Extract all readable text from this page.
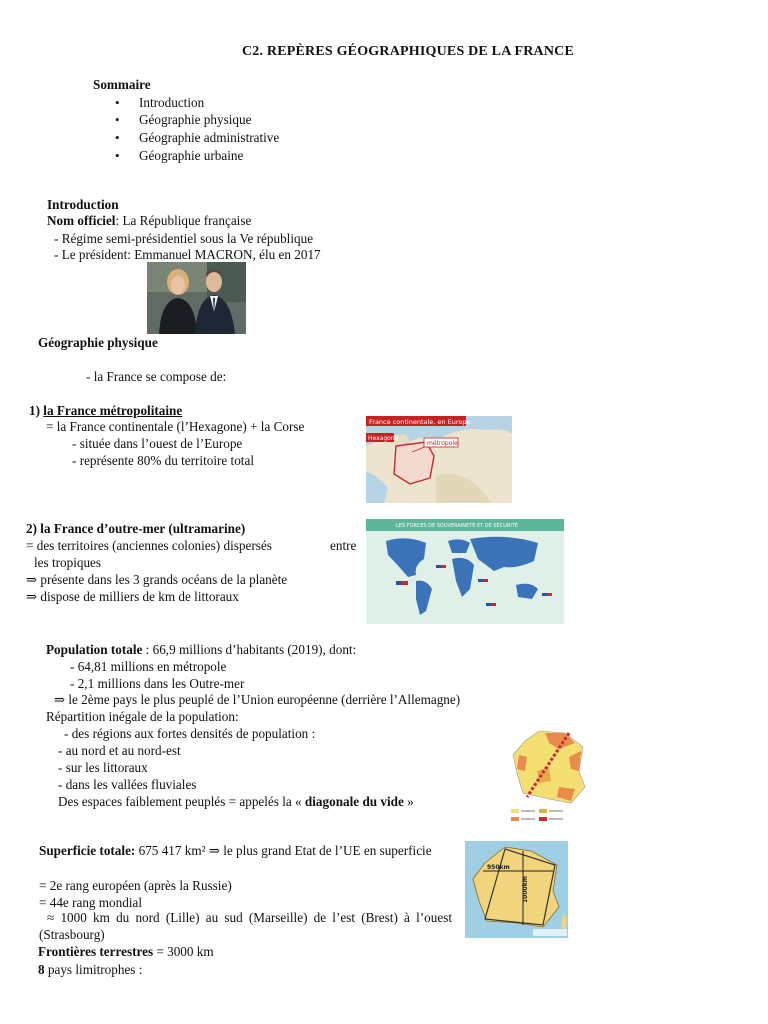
C2. REPÈRES GÉOGRAPHIQUES DE LA FRANCE
Sommaire
• Introduction
• Géographie physique
• Géographie administrative
• Géographie urbaine
Introduction
Nom officiel: La République française
- Régime semi-présidentiel sous la Ve république
- Le président: Emmanuel MACRON, élu en 2017
Géographie physique
- la France se compose de:
1) la France métropolitaine
= la France continentale (l’Hexagone) + la Corse
- située dans l’ouest de l’Europe
- représente 80% du territoire total
France continentale, en Europe
Hexagone
métropole
2) la France d’outre-mer (ultramarine)
= des territoires (anciennes colonies) dispersés	entre
les tropiques
⇒ présente dans les 3 grands océans de la planète
⇒ dispose de milliers de km de littoraux
LES FORCES DE SOUVERAINETÉ ET DE SÉCURITÉ
Population totale : 66,9 millions d’habitants (2019), dont:
- 64,81 millions en métropole
- 2,1 millions dans les Outre-mer
⇒ le 2ème pays le plus peuplé de l’Union européenne (derrière l’Allemagne)
Répartition inégale de la population:
- des régions aux fortes densités de population :
- au nord et au nord-est
- sur les littoraux
- dans les vallées fluviales
Des espaces faiblement peuplés = appelés la « diagonale du vide »
Superficie totale: 675 417 km² ⇒ le plus grand Etat de l’UE en superficie
= 2e rang européen (après la Russie)
= 44e rang mondial
≈ 1000 km du nord (Lille) au sud (Marseille) de l’est (Brest) à l’ouest (Strasbourg)
Frontières terrestres = 3000 km
8 pays limitrophes :
950km
1000km
